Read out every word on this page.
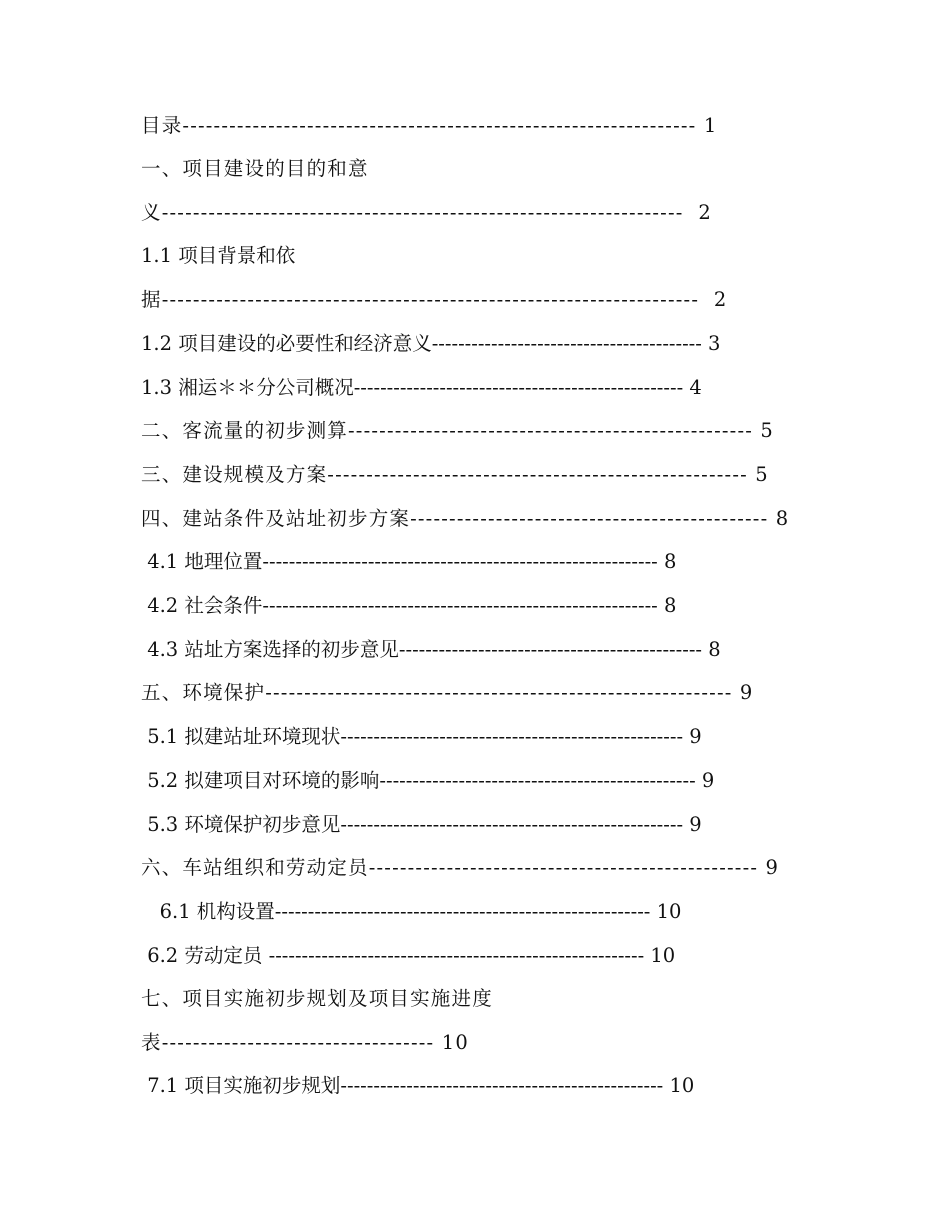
目录------------------------------------------------------------------ 1
一、项目建设的目的和意
义-------------------------------------------------------------------  2
1.1 项目背景和依
据---------------------------------------------------------------------  2
1.2 项目建设的必要性和经济意义----------------------------------------- 3
1.3 湘运＊＊分公司概况-------------------------------------------------- 4
二、客流量的初步测算---------------------------------------------------- 5
三、建设规模及方案------------------------------------------------------ 5
四、建站条件及站址初步方案---------------------------------------------- 8
4.1 地理位置------------------------------------------------------------ 8
4.2 社会条件------------------------------------------------------------ 8
4.3 站址方案选择的初步意见---------------------------------------------- 8
五、环境保护------------------------------------------------------------ 9
5.1 拟建站址环境现状---------------------------------------------------- 9
5.2 拟建项目对环境的影响------------------------------------------------ 9
5.3 环境保护初步意见---------------------------------------------------- 9
六、车站组织和劳动定员-------------------------------------------------- 9
6.1 机构设置--------------------------------------------------------- 10
6.2 劳动定员 --------------------------------------------------------- 10
七、项目实施初步规划及项目实施进度
表----------------------------------- 10
7.1 项目实施初步规划------------------------------------------------- 10
